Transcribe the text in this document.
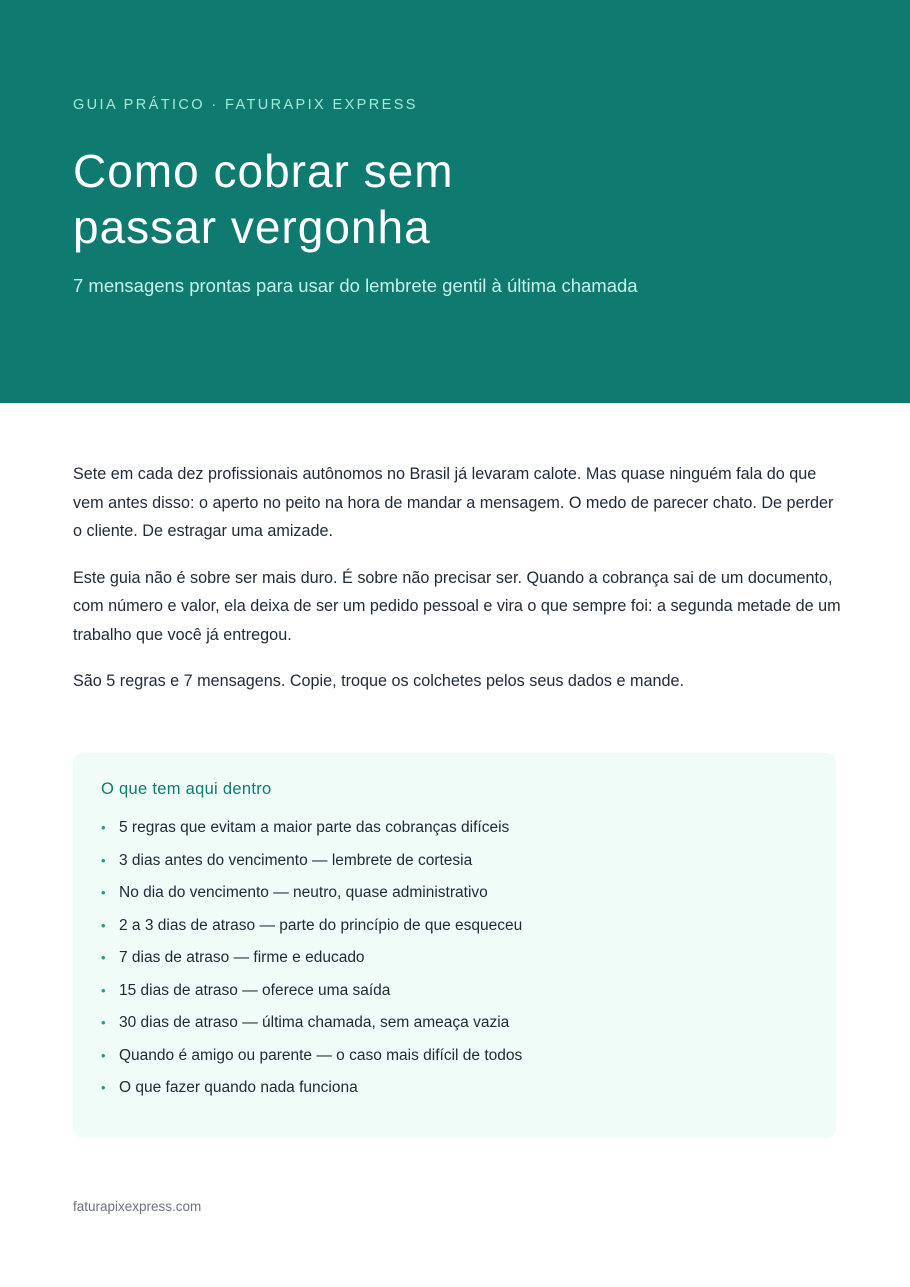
GUIA PRÁTICO · FATURAPIX EXPRESS
Como cobrar sem
passar vergonha
7 mensagens prontas para usar do lembrete gentil à última chamada

Sete em cada dez profissionais autônomos no Brasil já levaram calote. Mas quase ninguém fala do que vem antes disso: o aperto no peito na hora de mandar a mensagem. O medo de parecer chato. De perder o cliente. De estragar uma amizade.

Este guia não é sobre ser mais duro. É sobre não precisar ser. Quando a cobrança sai de um documento, com número e valor, ela deixa de ser um pedido pessoal e vira o que sempre foi: a segunda metade de um trabalho que você já entregou.

São 5 regras e 7 mensagens. Copie, troque os colchetes pelos seus dados e mande.

O que tem aqui dentro
• 5 regras que evitam a maior parte das cobranças difíceis
• 3 dias antes do vencimento — lembrete de cortesia
• No dia do vencimento — neutro, quase administrativo
• 2 a 3 dias de atraso — parte do princípio de que esqueceu
• 7 dias de atraso — firme e educado
• 15 dias de atraso — oferece uma saída
• 30 dias de atraso — última chamada, sem ameaça vazia
• Quando é amigo ou parente — o caso mais difícil de todos
• O que fazer quando nada funciona
faturapixexpress.com
